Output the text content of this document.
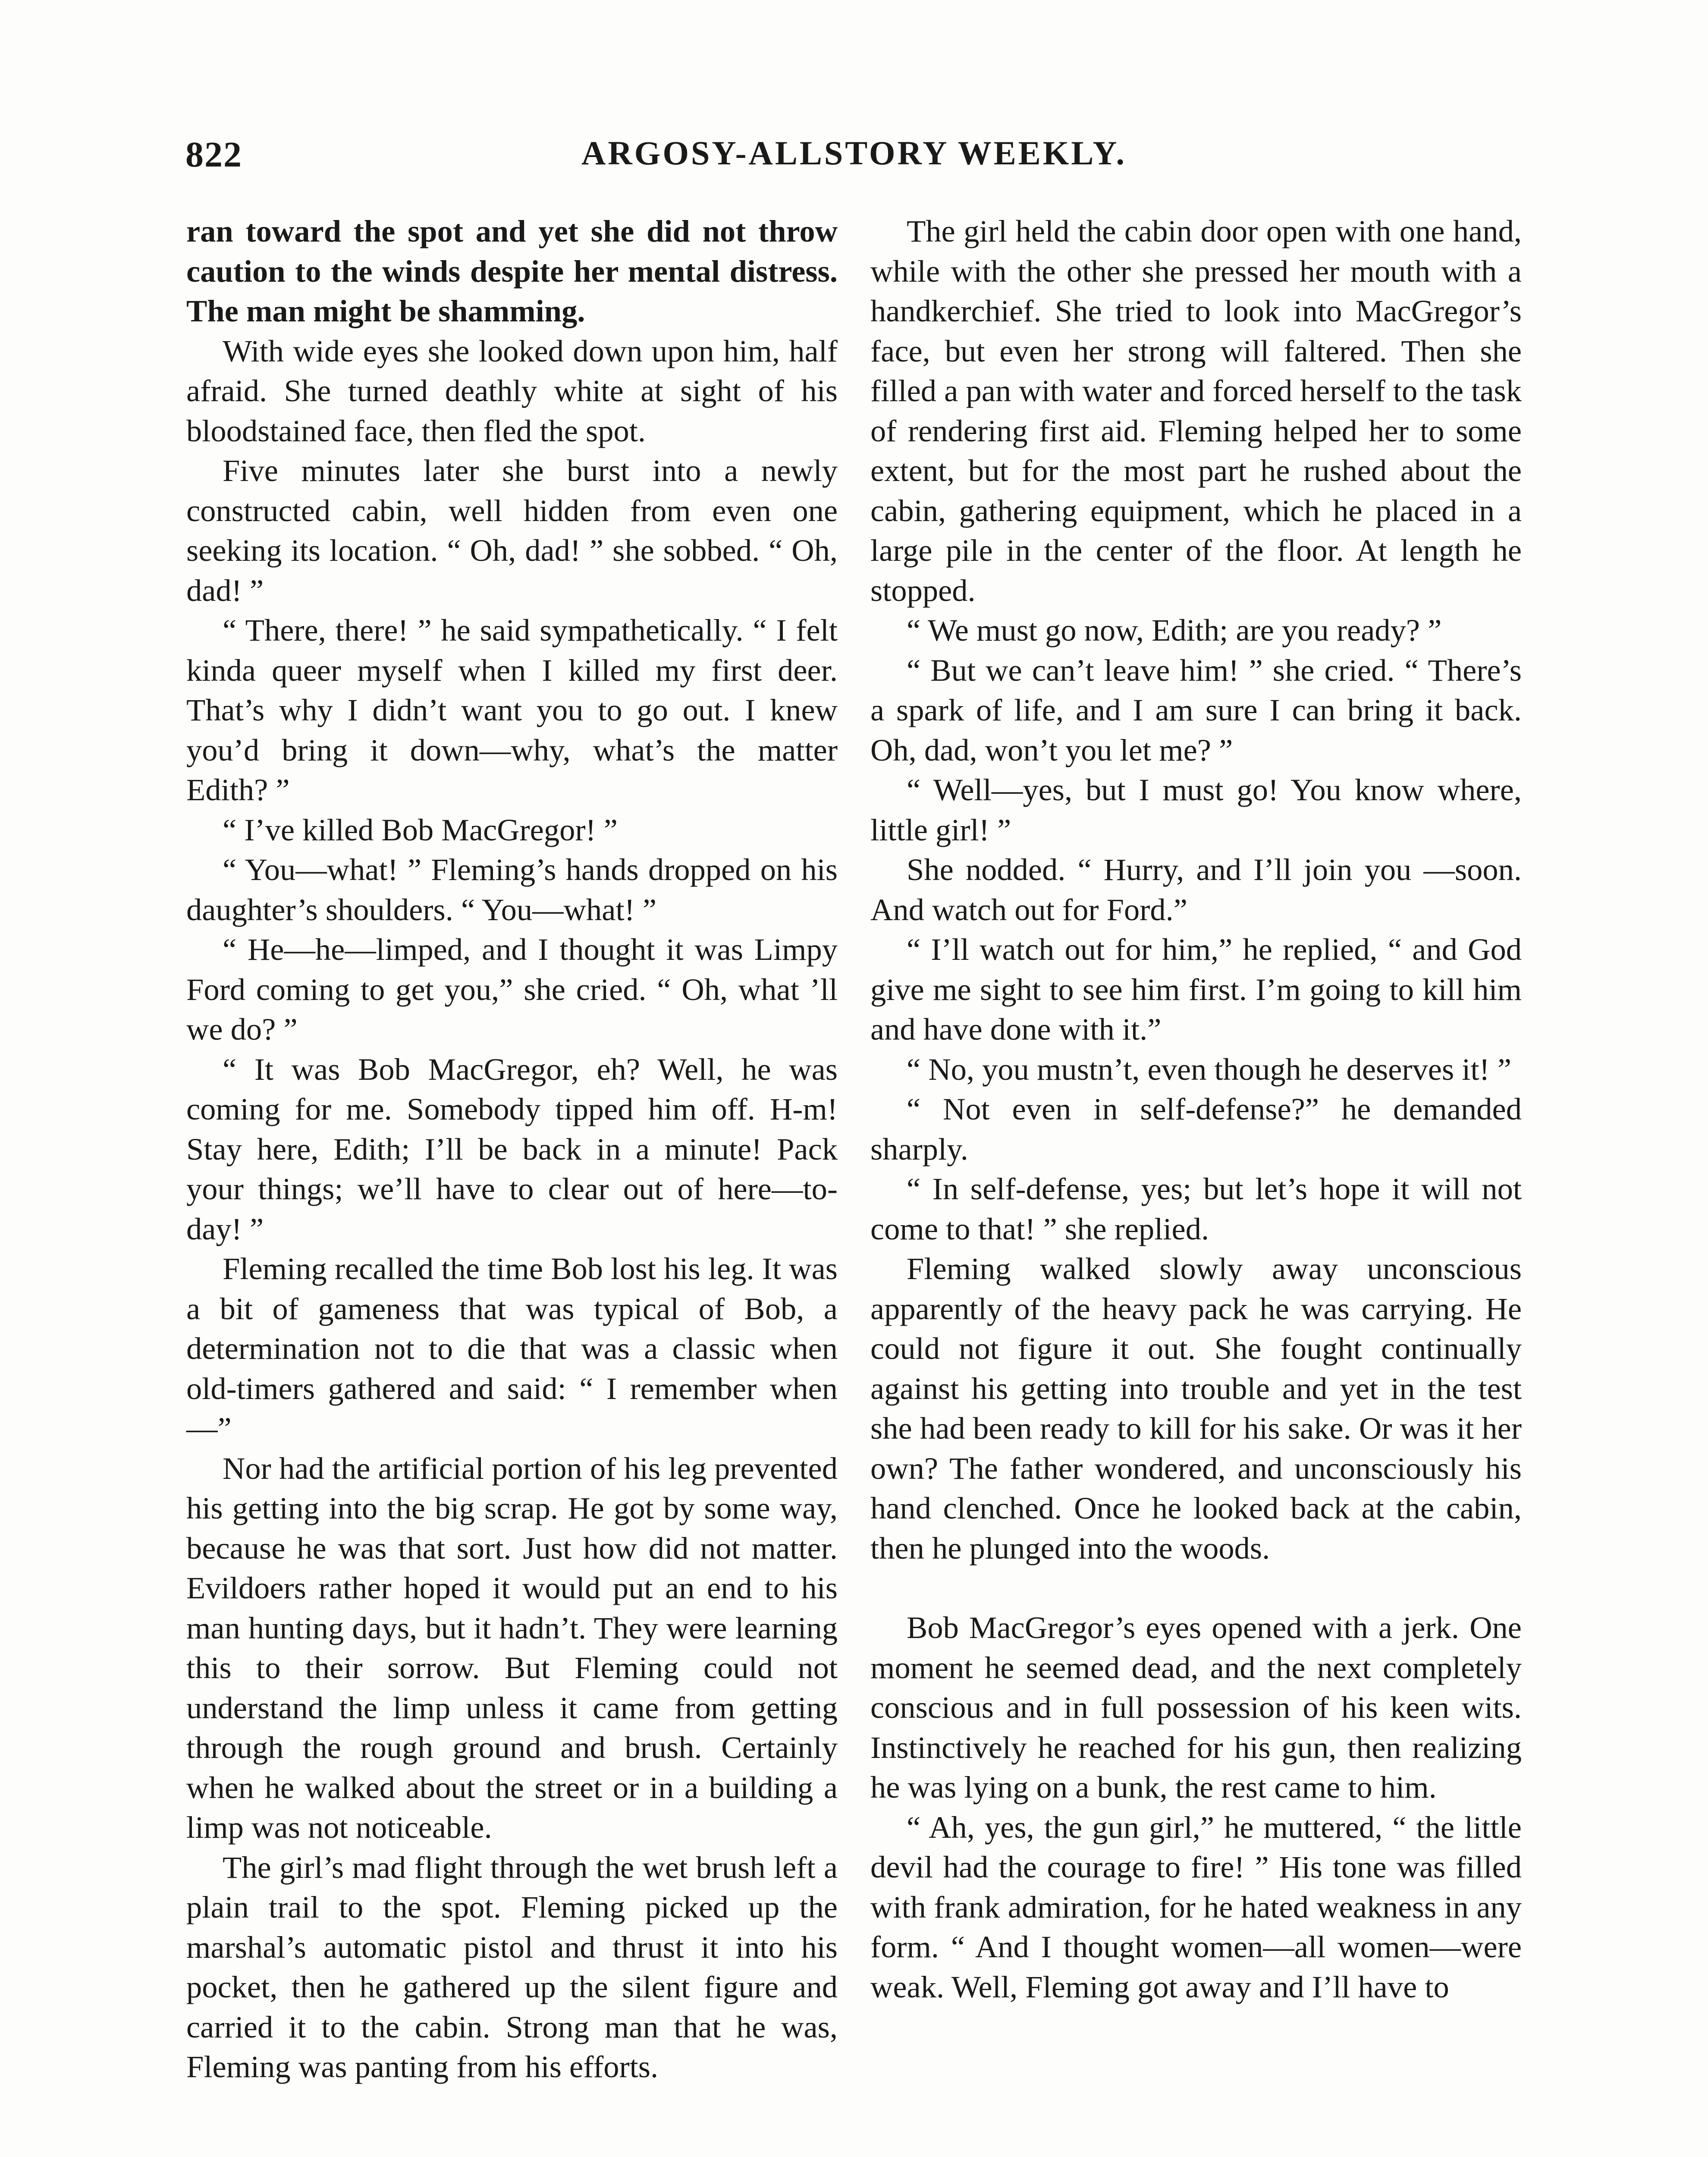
822	ARGOSY-ALLSTORY WEEKLY.

ran toward the spot and yet she did not throw caution to the winds despite her mental distress. The man might be shamming.

With wide eyes she looked down upon him, half afraid. She turned deathly white at sight of his bloodstained face, then fled the spot.

Five minutes later she burst into a newly constructed cabin, well hidden from even one seeking its location. “ Oh, dad! ” she sobbed. “ Oh, dad! ”

“ There, there! ” he said sympathetically. “ I felt kinda queer myself when I killed my first deer. That’s why I didn’t want you to go out. I knew you’d bring it down—why, what’s the matter Edith? ”

“ I’ve killed Bob MacGregor! ”

“ You—what! ” Fleming’s hands dropped on his daughter’s shoulders. “ You—what! ”

“ He—he—limped, and I thought it was Limpy Ford coming to get you,” she cried. “ Oh, what ’ll we do? ”

“ It was Bob MacGregor, eh? Well, he was coming for me. Somebody tipped him off. H-m! Stay here, Edith; I’ll be back in a minute! Pack your things; we’ll have to clear out of here—to-day! ”

Fleming recalled the time Bob lost his leg. It was a bit of gameness that was typical of Bob, a determination not to die that was a classic when old-timers gathered and said: “ I remember when—”

Nor had the artificial portion of his leg prevented his getting into the big scrap. He got by some way, because he was that sort. Just how did not matter. Evildoers rather hoped it would put an end to his man hunting days, but it hadn’t. They were learning this to their sorrow. But Fleming could not understand the limp unless it came from getting through the rough ground and brush. Certainly when he walked about the street or in a building a limp was not noticeable.

The girl’s mad flight through the wet brush left a plain trail to the spot. Fleming picked up the marshal’s automatic pistol and thrust it into his pocket, then he gathered up the silent figure and carried it to the cabin. Strong man that he was, Fleming was panting from his efforts.

The girl held the cabin door open with one hand, while with the other she pressed her mouth with a handkerchief. She tried to look into MacGregor’s face, but even her strong will faltered. Then she filled a pan with water and forced herself to the task of rendering first aid. Fleming helped her to some extent, but for the most part he rushed about the cabin, gathering equipment, which he placed in a large pile in the center of the floor. At length he stopped.

“ We must go now, Edith; are you ready? ”

“ But we can’t leave him! ” she cried. “ There’s a spark of life, and I am sure I can bring it back. Oh, dad, won’t you let me? ”

“ Well—yes, but I must go! You know where, little girl! ”

She nodded. “ Hurry, and I’ll join you —soon. And watch out for Ford.”

“ I’ll watch out for him,” he replied, “ and God give me sight to see him first. I’m going to kill him and have done with it.”

“ No, you mustn’t, even though he deserves it! ”

“ Not even in self-defense?” he demanded sharply.

“ In self-defense, yes; but let’s hope it will not come to that! ” she replied.

Fleming walked slowly away unconscious apparently of the heavy pack he was carrying. He could not figure it out. She fought continually against his getting into trouble and yet in the test she had been ready to kill for his sake. Or was it her own? The father wondered, and unconsciously his hand clenched. Once he looked back at the cabin, then he plunged into the woods.

Bob MacGregor’s eyes opened with a jerk. One moment he seemed dead, and the next completely conscious and in full possession of his keen wits. Instinctively he reached for his gun, then realizing he was lying on a bunk, the rest came to him.

“ Ah, yes, the gun girl,” he muttered, “ the little devil had the courage to fire! ” His tone was filled with frank admiration, for he hated weakness in any form. “ And I thought women—all women—were weak. Well, Fleming got away and I’ll have to
